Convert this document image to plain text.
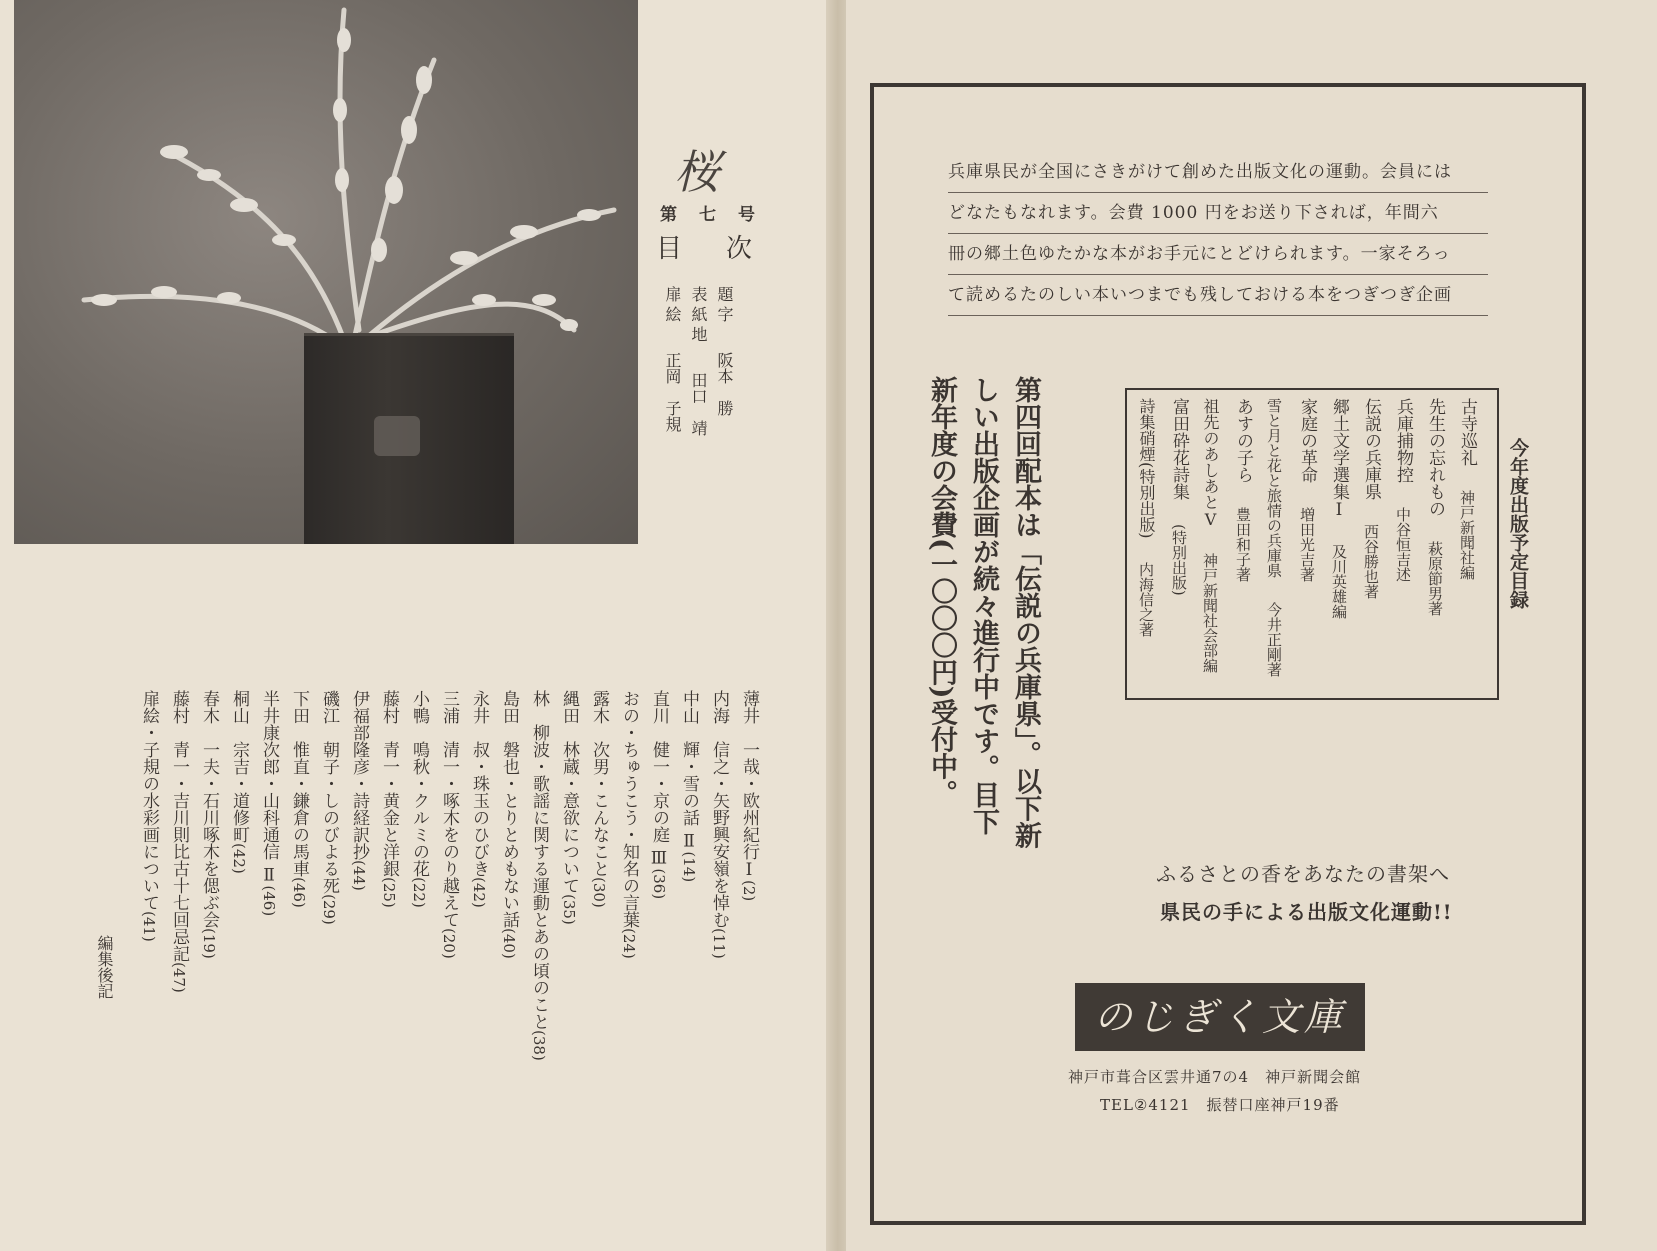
桜
第七号
目次
題字阪本　勝
表紙地田口　靖
扉絵正岡　子規
薄井　一哉・欧州紀行Ⅰ(2)
内海　信之・矢野興安嶺を悼む(11)
中山　輝・雪の話 Ⅱ(14)
直川　健一・京の庭 Ⅲ(36)
おの・ちゅうこう・知名の言葉(24)
露木　次男・こんなこと(30)
縄田　林蔵・意欲について(35)
林　柳波・歌謡に関する運動とあの頃のこと(38)
島田　磐也・とりとめもない話(40)
永井　叔・珠玉のひびき(42)
三浦　清一・啄木をのり越えて(20)
小鴨　鳴秋・クルミの花(22)
藤村　青一・黄金と洋銀(25)
伊福部隆彦・詩経訳抄(44)
磯江　朝子・しのびよる死(29)
下田　惟直・鎌倉の馬車(46)
半井康次郎・山科通信 Ⅱ(46)
桐山　宗吉・道修町(42)
春木　一夫・石川啄木を偲ぶ会(19)
藤村　青一・吉川則比古十七回忌記(47)
扉絵・子規の水彩画について(41)
編集後記
兵庫県民が全国にさきがけて創めた出版文化の運動。会員には
どなたもなれます。会費 1000 円をお送り下されば，年間六
冊の郷土色ゆたかな本がお手元にとどけられます。一家そろっ
て読めるたのしい本いつまでも残しておける本をつぎつぎ企画
今年度出版予定目録
古寺巡礼神戸新聞社編
先生の忘れもの萩原節男著
兵庫捕物控中谷恒吉述
伝説の兵庫県西谷勝也著
郷土文学選集Ⅰ及川英雄編
家庭の革命増田光吉著
雪と月と花と旅情の兵庫県今井正剛著
あすの子ら豊田和子著
祖先のあしあとⅤ神戸新聞社会部編
富田砕花詩集(特別出版)
詩集硝煙(特別出版)内海信之著
第四回配本は「伝説の兵庫県」。以下新
しい出版企画が続々進行中です。目下
新年度の会費(一〇〇〇円)受付中。
ふるさとの香をあなたの書架へ
県民の手による出版文化運動!!
のじぎく文庫
神戸市葺合区雲井通7の4　神戸新聞会館
TEL②4121　振替口座神戸19番
